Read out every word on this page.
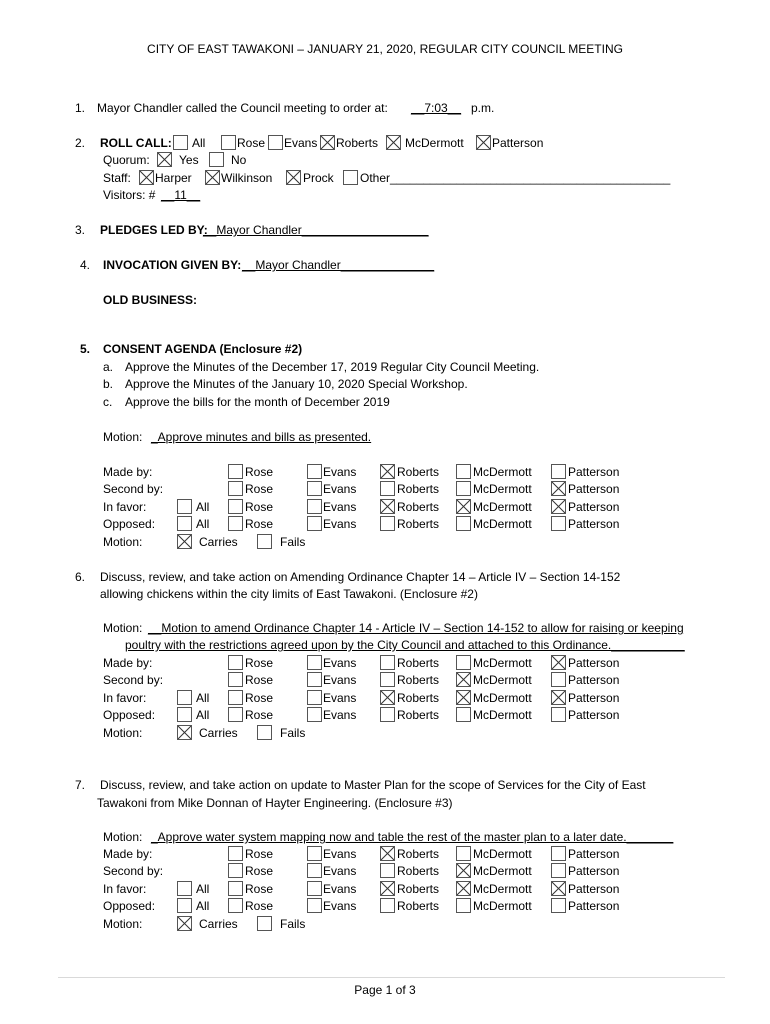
CITY OF EAST TAWAKONI – JANUARY 21, 2020, REGULAR CITY COUNCIL MEETING
1. Mayor Chandler called the Council meeting to order at: __7:03__ p.m.
2. ROLL CALL: All	Rose Evans Roberts McDermott Patterson
Quorum: Yes	No
Staff: Harper Wilkinson	Prock Other__________________________________________
Visitors: # __11__
3. PLEDGES LED BY:
__Mayor Chandler___________________
4. INVOCATION GIVEN BY: __Mayor Chandler______________
OLD BUSINESS:
5. CONSENT AGENDA (Enclosure #2)
a. Approve the Minutes of the December 17, 2019 Regular City Council Meeting.
b. Approve the Minutes of the January 10, 2020 Special Workshop.
c. Approve the bills for the month of December 2019
Motion: _Approve minutes and bills as presented.
Made by:	Rose	Evans	Roberts	McDermott	Patterson
Second by:	Rose	Evans	Roberts	McDermott	Patterson
In favor:	All	Rose	Evans	Roberts	McDermott	Patterson
Opposed:	All	Rose	Evans	Roberts	McDermott	Patterson
Motion:	Carries	Fails
6. Discuss, review, and take action on Amending Ordinance Chapter 14 – Article IV – Section 14-152
allowing chickens within the city limits of East Tawakoni. (Enclosure #2)
Motion: __Motion to amend Ordinance Chapter 14 - Article IV – Section 14-152 to allow for raising or keeping
poultry with the restrictions agreed upon by the City Council and attached to this Ordinance.___________
Made by:	Rose	Evans	Roberts	McDermott	Patterson
Second by:	Rose	Evans	Roberts	McDermott	Patterson
In favor:	All	Rose	Evans	Roberts	McDermott	Patterson
Opposed:	All	Rose	Evans	Roberts	McDermott	Patterson
Motion:	Carries	Fails
7. Discuss, review, and take action on update to Master Plan for the scope of Services for the City of East
Tawakoni from Mike Donnan of Hayter Engineering. (Enclosure #3)
Motion: _Approve water system mapping now and table the rest of the master plan to a later date._______
Made by:	Rose	Evans	Roberts	McDermott	Patterson
Second by:	Rose	Evans	Roberts	McDermott	Patterson
In favor:	All	Rose	Evans	Roberts	McDermott	Patterson
Opposed:	All	Rose	Evans	Roberts	McDermott	Patterson
Motion:	Carries	Fails
Page 1 of 3
